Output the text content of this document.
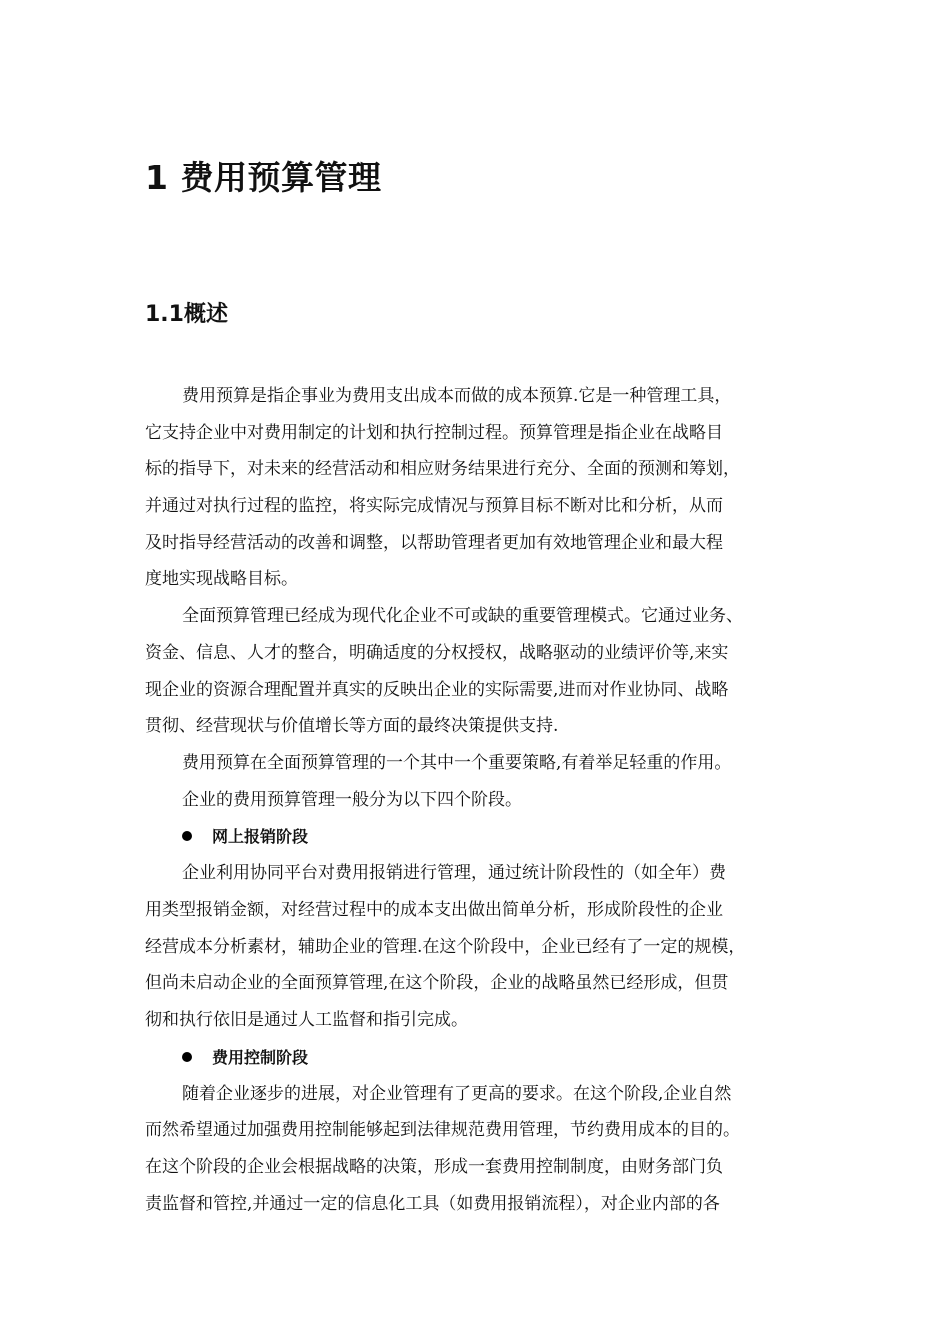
1 费用预算管理
1.1概述
费用预算是指企事业为费用支出成本而做的成本预算.它是一种管理工具，
它支持企业中对费用制定的计划和执行控制过程。预算管理是指企业在战略目
标的指导下，对未来的经营活动和相应财务结果进行充分、全面的预测和筹划，
并通过对执行过程的监控，将实际完成情况与预算目标不断对比和分析，从而
及时指导经营活动的改善和调整，以帮助管理者更加有效地管理企业和最大程
度地实现战略目标。
全面预算管理已经成为现代化企业不可或缺的重要管理模式。它通过业务、
资金、信息、人才的整合，明确适度的分权授权，战略驱动的业绩评价等,来实
现企业的资源合理配置并真实的反映出企业的实际需要,进而对作业协同、战略
贯彻、经营现状与价值增长等方面的最终决策提供支持.
费用预算在全面预算管理的一个其中一个重要策略,有着举足轻重的作用。
企业的费用预算管理一般分为以下四个阶段。
网上报销阶段
企业利用协同平台对费用报销进行管理，通过统计阶段性的（如全年）费
用类型报销金额，对经营过程中的成本支出做出简单分析，形成阶段性的企业
经营成本分析素材，辅助企业的管理.在这个阶段中，企业已经有了一定的规模，
但尚未启动企业的全面预算管理,在这个阶段，企业的战略虽然已经形成，但贯
彻和执行依旧是通过人工监督和指引完成。
费用控制阶段
随着企业逐步的进展，对企业管理有了更高的要求。在这个阶段,企业自然
而然希望通过加强费用控制能够起到法律规范费用管理，节约费用成本的目的。
在这个阶段的企业会根据战略的决策，形成一套费用控制制度，由财务部门负
责监督和管控,并通过一定的信息化工具（如费用报销流程），对企业内部的各
